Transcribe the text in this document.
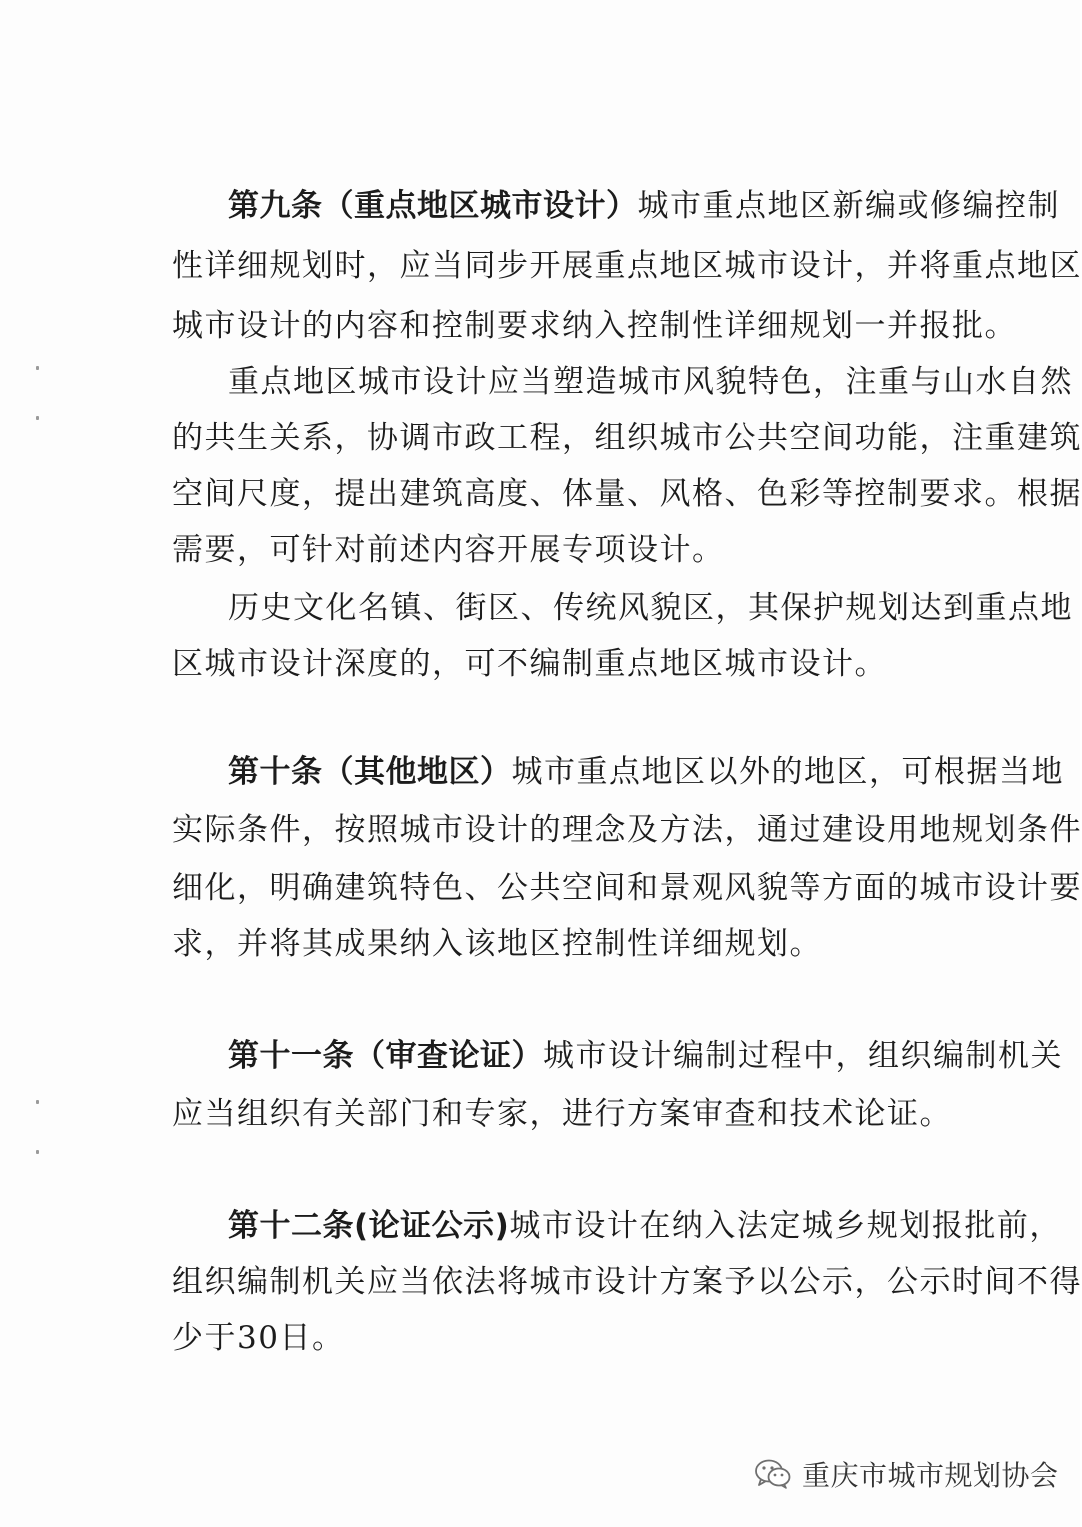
第九条（重点地区城市设计）城市重点地区新编或修编控制
性详细规划时，应当同步开展重点地区城市设计，并将重点地区
城市设计的内容和控制要求纳入控制性详细规划一并报批。
重点地区城市设计应当塑造城市风貌特色，注重与山水自然
的共生关系，协调市政工程，组织城市公共空间功能，注重建筑
空间尺度，提出建筑高度、体量、风格、色彩等控制要求。根据
需要，可针对前述内容开展专项设计。
历史文化名镇、街区、传统风貌区，其保护规划达到重点地
区城市设计深度的，可不编制重点地区城市设计。
第十条（其他地区）城市重点地区以外的地区，可根据当地
实际条件，按照城市设计的理念及方法，通过建设用地规划条件
细化，明确建筑特色、公共空间和景观风貌等方面的城市设计要
求，并将其成果纳入该地区控制性详细规划。
第十一条（审查论证）城市设计编制过程中，组织编制机关
应当组织有关部门和专家，进行方案审查和技术论证。
第十二条(论证公示)城市设计在纳入法定城乡规划报批前，
组织编制机关应当依法将城市设计方案予以公示，公示时间不得
少于30日。
重庆市城市规划协会
